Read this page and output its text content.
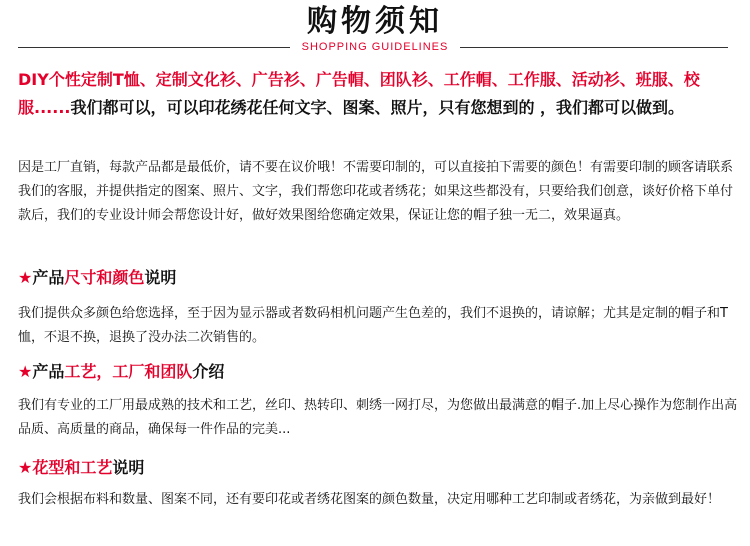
购物须知
SHOPPING GUIDELINES
DIY个性定制T恤、定制文化衫、广告衫、广告帽、团队衫、工作帽、工作服、活动衫、班服、校服......我们都可以，可以印花绣花任何文字、图案、照片，只有您想到的 ，我们都可以做到。
因是工厂直销，每款产品都是最低价，请不要在议价哦！不需要印制的，可以直接拍下需要的颜色！有需要印制的顾客请联系我们的客服，并提供指定的图案、照片、文字，我们帮您印花或者绣花；如果这些都没有，只要给我们创意，谈好价格下单付款后，我们的专业设计师会帮您设计好，做好效果图给您确定效果，保证让您的帽子独一无二，效果逼真。
★产品尺寸和颜色说明
我们提供众多颜色给您选择，至于因为显示器或者数码相机问题产生色差的，我们不退换的，请谅解；尤其是定制的帽子和T恤，不退不换，退换了没办法二次销售的。
★产品工艺，工厂和团队介绍
我们有专业的工厂用最成熟的技术和工艺，丝印、热转印、刺绣一网打尽，为您做出最满意的帽子.加上尽心操作为您制作出高品质、高质量的商品，确保每一件作品的完美...
★花型和工艺说明
我们会根据布料和数量、图案不同，还有要印花或者绣花图案的颜色数量，决定用哪种工艺印制或者绣花，为亲做到最好！
